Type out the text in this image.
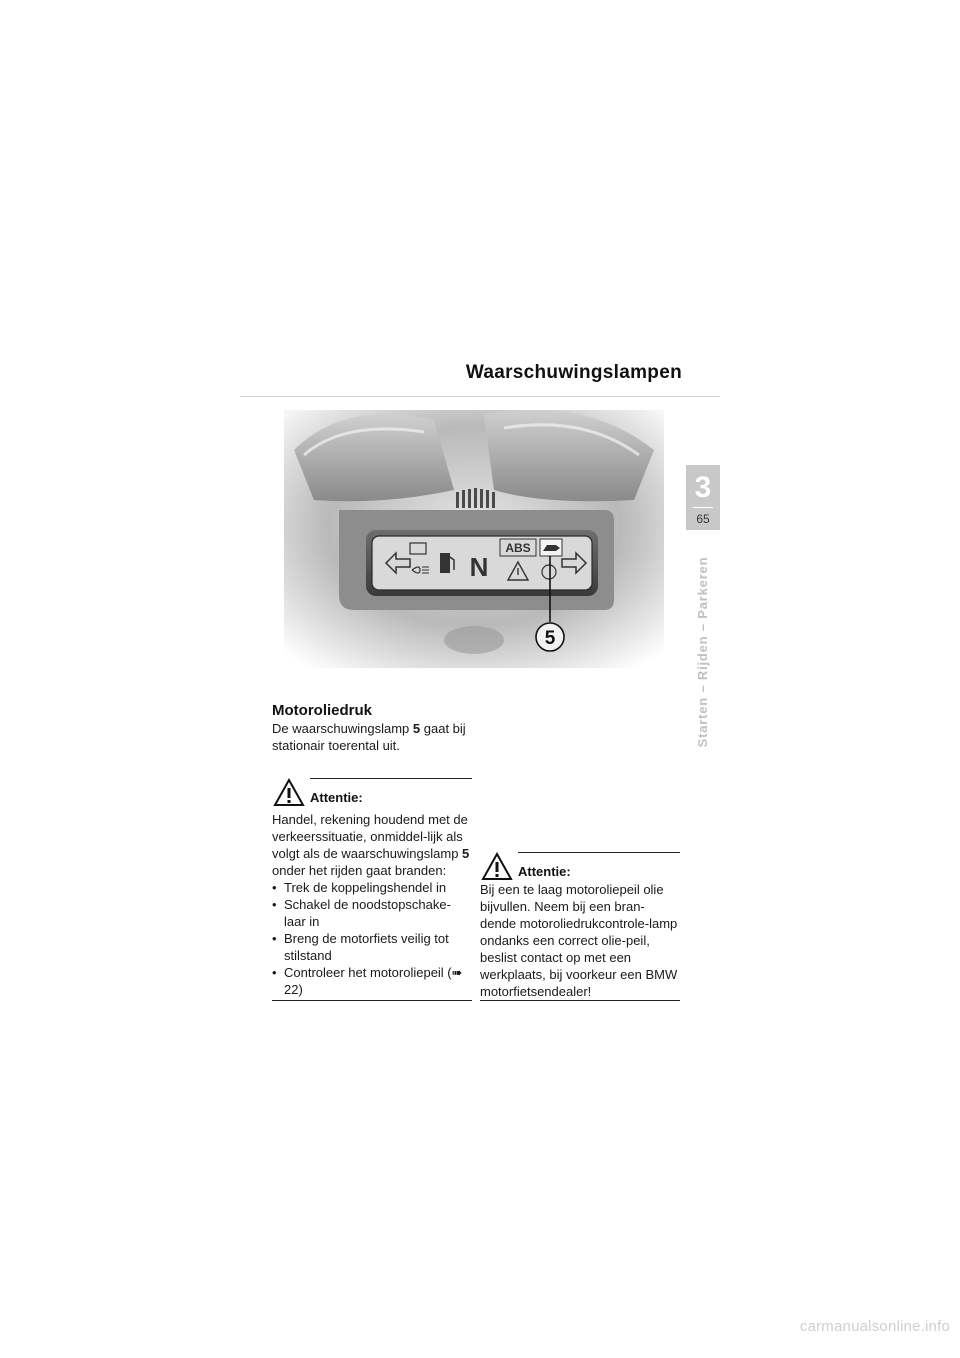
Waarschuwingslampen
3
65
Starten – Rijden – Parkeren
N
ABS
5
Motoroliedruk
De waarschuwingslamp 5 gaat bij stationair toerental uit.
Attentie:
Handel, rekening houdend met de verkeerssituatie, onmiddel-lijk als volgt als de waarschuwingslamp 5 onder het rijden gaat branden:
• Trek de koppelingshendel in
• Schakel de noodstopschake-laar in
• Breng de motorfiets veilig tot stilstand
• Controleer het motoroliepeil (➠ 22)
Attentie:
Bij een te laag motoroliepeil olie bijvullen. Neem bij een bran-dende motoroliedrukcontrole-lamp ondanks een correct olie-peil, beslist contact op met een werkplaats, bij voorkeur een BMW motorfietsendealer!
carmanualsonline.info
